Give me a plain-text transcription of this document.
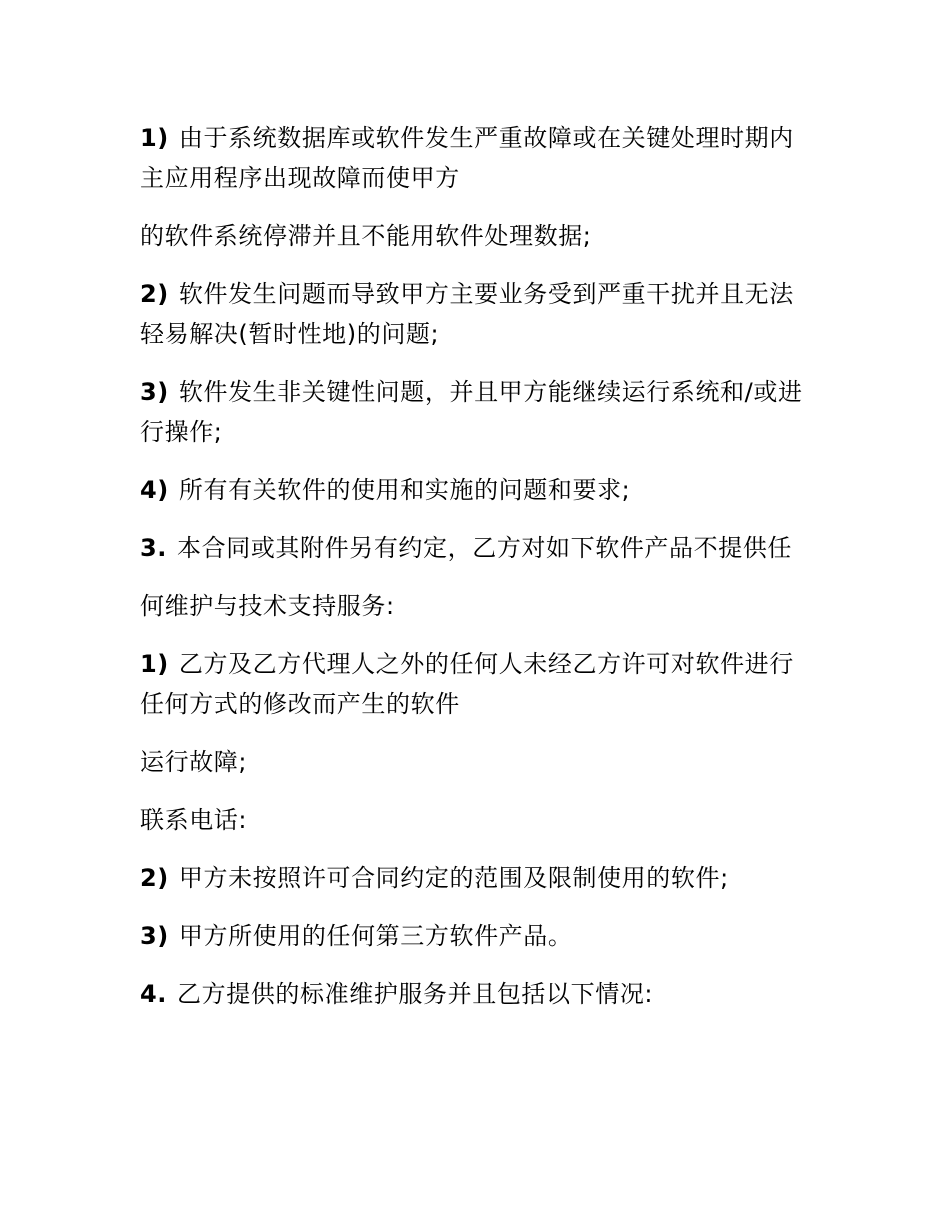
1) 由于系统数据库或软件发生严重故障或在关键处理时期内主应用程序出现故障而使甲方

的软件系统停滞并且不能用软件处理数据;

2) 软件发生问题而导致甲方主要业务受到严重干扰并且无法轻易解决(暂时性地)的问题;

3) 软件发生非关键性问题，并且甲方能继续运行系统和/或进行操作;

4) 所有有关软件的使用和实施的问题和要求;

3. 本合同或其附件另有约定，乙方对如下软件产品不提供任

何维护与技术支持服务:

1) 乙方及乙方代理人之外的任何人未经乙方许可对软件进行任何方式的修改而产生的软件

运行故障;

联系电话:

2) 甲方未按照许可合同约定的范围及限制使用的软件;

3) 甲方所使用的任何第三方软件产品。

4. 乙方提供的标准维护服务并且包括以下情况:
